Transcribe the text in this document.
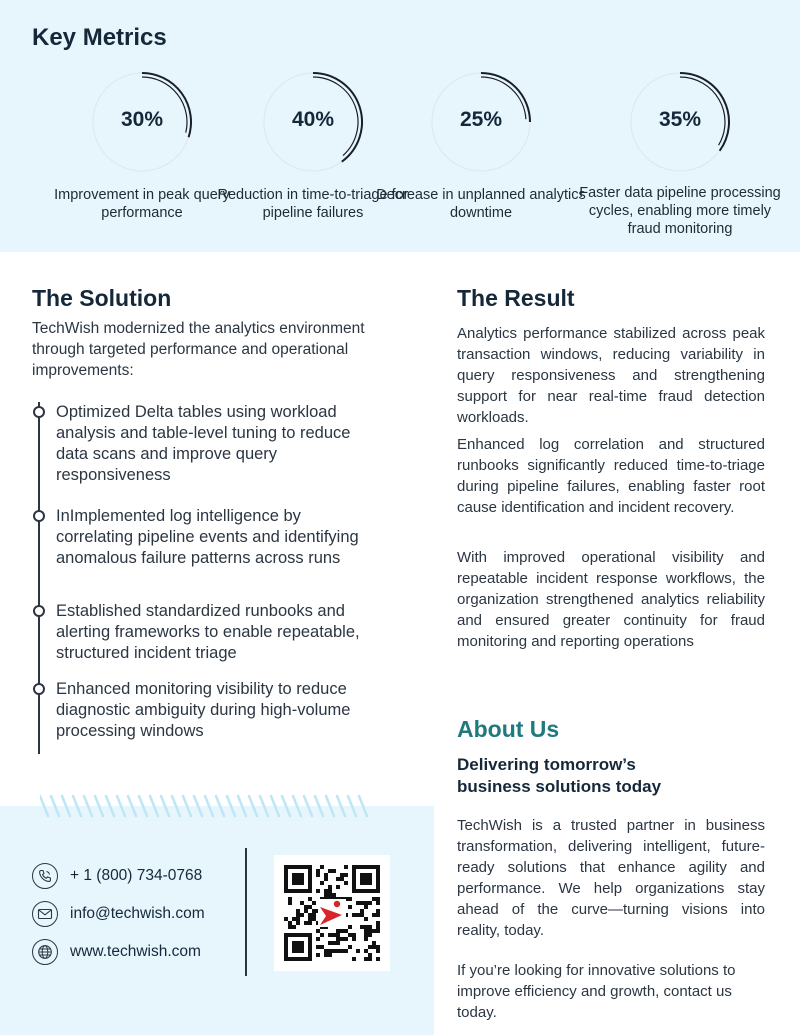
Key Metrics
30%
Improvement in peak query performance
40%
Reduction in time-to-triage for pipeline failures
25%
Decrease in unplanned analytics downtime
35%
Faster data pipeline processing cycles, enabling more timely fraud monitoring
The Solution
TechWish modernized the analytics environment through targeted performance and operational improvements:
Optimized Delta tables using workload analysis and table-level tuning to reduce data scans and improve query responsiveness
InImplemented log intelligence by correlating pipeline events and identifying anomalous failure patterns across runs
Established standardized runbooks and alerting frameworks to enable repeatable, structured incident triage
Enhanced monitoring visibility to reduce diagnostic ambiguity during high-volume processing windows
The Result
Analytics performance stabilized across peak transaction windows, reducing variability in query responsiveness and strengthening support for near real-time fraud detection workloads.
Enhanced log correlation and structured runbooks significantly reduced time-to-triage during pipeline failures, enabling faster root cause identification and incident recovery.
With improved operational visibility and repeatable incident response workflows, the organization strengthened analytics reliability and ensured greater continuity for fraud monitoring and reporting operations
About Us
Delivering tomorrow’s business solutions today
TechWish is a trusted partner in business transformation, delivering intelligent, future-ready solutions that enhance agility and performance. We help organizations stay ahead of the curve—turning visions into reality, today.
If you’re looking for innovative solutions to improve efficiency and growth, contact us today.
+ 1 (800) 734-0768
info@techwish.com
www.techwish.com
